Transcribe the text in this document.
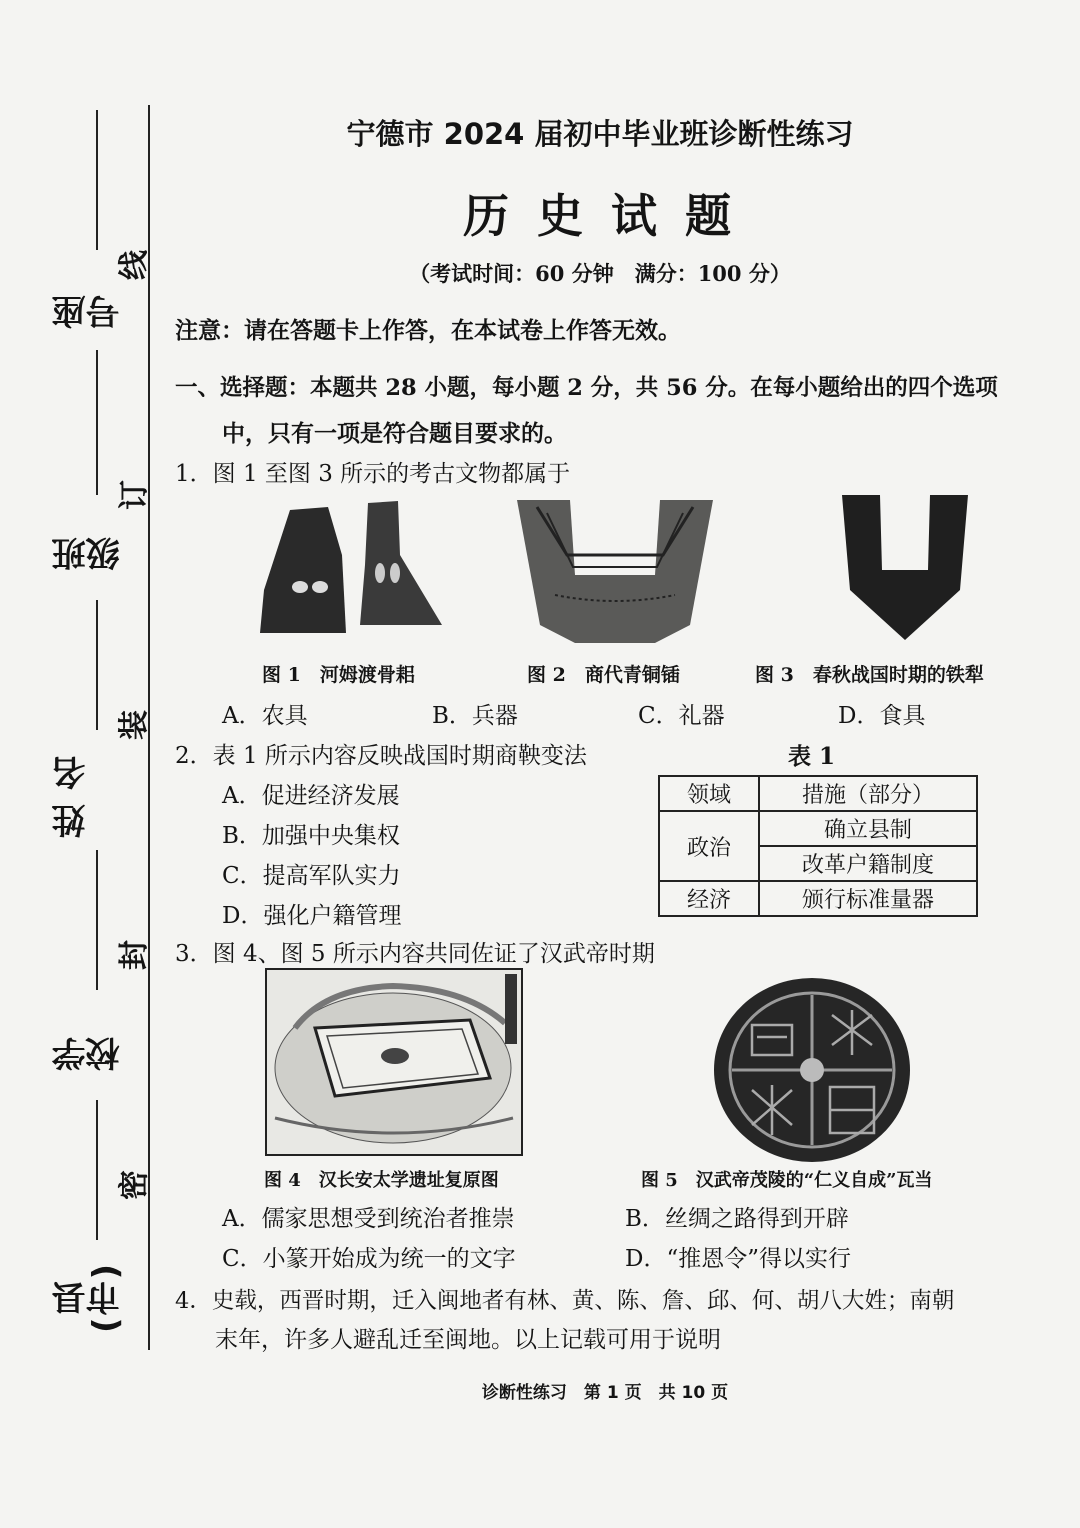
座号
班级
姓名
学校
县(市)
线
订
装
封
密
宁德市 2024 届初中毕业班诊断性练习
历 史 试 题
（考试时间：60 分钟　满分：100 分）
注意：请在答题卡上作答，在本试卷上作答无效。
一、选择题：本题共 28 小题，每小题 2 分，共 56 分。在每小题给出的四个选项
中，只有一项是符合题目要求的。
1．图 1 至图 3 所示的考古文物都属于
图 1　河姆渡骨耜	图 2　商代青铜锸	图 3　春秋战国时期的铁犁
A．农具	B．兵器	C．礼器	D．食具
2．表 1 所示内容反映战国时期商鞅变法
A．促进经济发展
B．加强中央集权
C．提高军队实力
D．强化户籍管理
表 1
领域	措施（部分）
政治	确立县制
	改革户籍制度
经济	颁行标准量器
3．图 4、图 5 所示内容共同佐证了汉武帝时期
图 4　汉长安太学遗址复原图	图 5　汉武帝茂陵的“仁义自成”瓦当
A．儒家思想受到统治者推崇	B．丝绸之路得到开辟
C．小篆开始成为统一的文字	D．“推恩令”得以实行
4．史载，西晋时期，迁入闽地者有林、黄、陈、詹、邱、何、胡八大姓；南朝
末年，许多人避乱迁至闽地。以上记载可用于说明
诊断性练习　第 1 页　共 10 页
